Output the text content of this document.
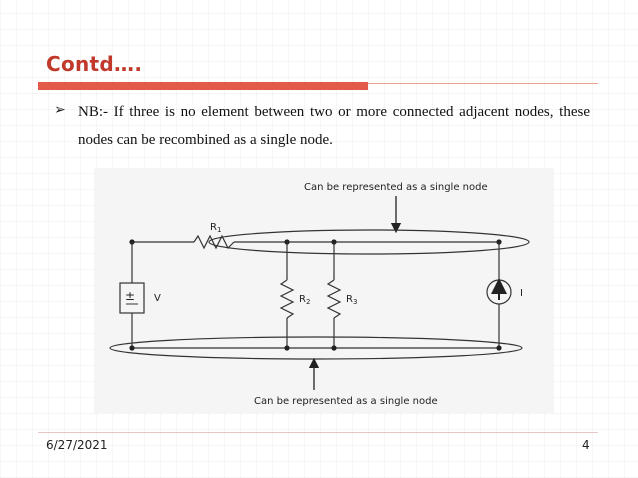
Contd….
➢ NB:- If three is no element between two or more connected adjacent nodes, these nodes can be recombined as a single node.
Can be represented as a single node
$R_1$
± V	$R_2$	$R_3$
I
Can be represented as a single node
6/27/2021	4
